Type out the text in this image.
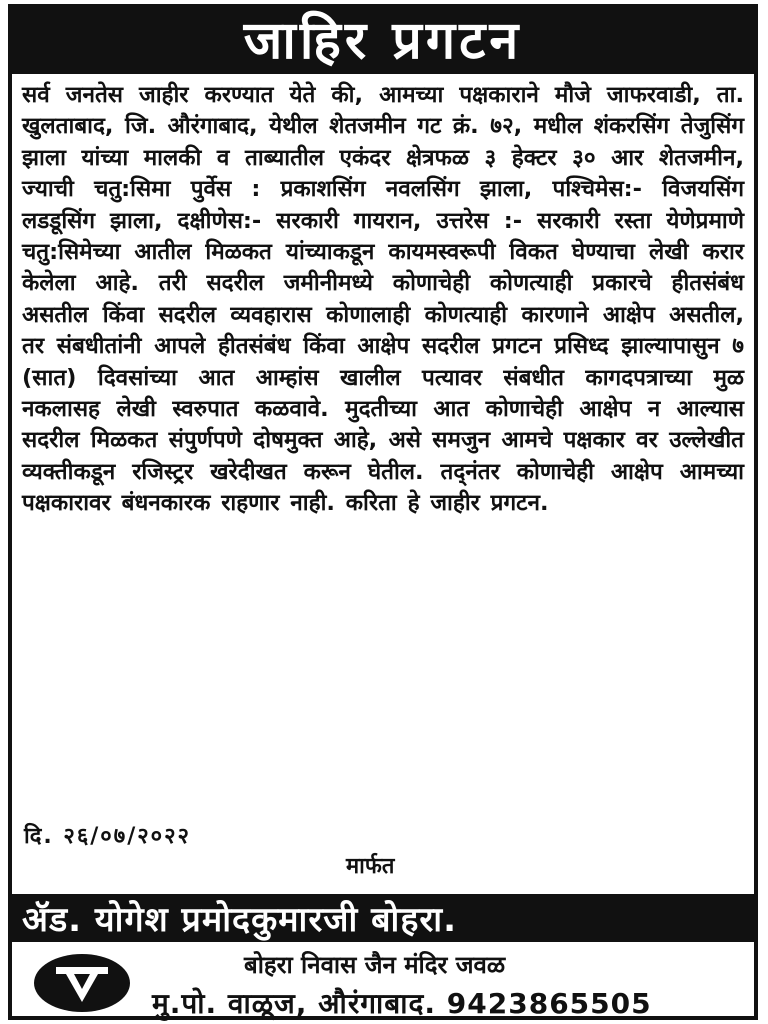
जाहिर प्रगटन

सर्व जनतेस जाहीर करण्यात येते की, आमच्या पक्षकाराने मौजे जाफरवाडी, ता. खुलताबाद, जि. औरंगाबाद, येथील शेतजमीन गट क्रं. ७२, मधील शंकरसिंग तेजुसिंग झाला यांच्या मालकी व ताब्यातील एकंदर क्षेत्रफळ ३ हेक्टर ३० आर शेतजमीन, ज्याची चतु:सिमा पुर्वेस : प्रकाशसिंग नवलसिंग झाला, पश्चिमेस:- विजयसिंग लडडूसिंग झाला, दक्षीणेस:- सरकारी गायरान, उत्तरेस :- सरकारी रस्ता येणेप्रमाणे चतु:सिमेच्या आतील मिळकत यांच्याकडून कायमस्वरूपी विकत घेण्याचा लेखी करार केलेला आहे. तरी सदरील जमीनीमध्ये कोणाचेही कोणत्याही प्रकारचे हीतसंबंध असतील किंवा सदरील व्यवहारास कोणालाही कोणत्याही कारणाने आक्षेप असतील, तर संबधीतांनी आपले हीतसंबंध किंवा आक्षेप सदरील प्रगटन प्रसिध्द झाल्यापासुन ७ (सात) दिवसांच्या आत आम्हांस खालील पत्यावर संबधीत कागदपत्राच्या मुळ नकलासह लेखी स्वरुपात कळवावे. मुदतीच्या आत कोणाचेही आक्षेप न आल्यास सदरील मिळकत संपुर्णपणे दोषमुक्त आहे, असे समजुन आमचे पक्षकार वर उल्लेखीत व्यक्तीकडून रजिस्ट्रर खरेदीखत करून घेतील. तद्नंतर कोणाचेही आक्षेप आमच्या पक्षकारावर बंधनकारक राहणार नाही. करिता हे जाहीर प्रगटन.

दि. २६/०७/२०२२
मार्फत
ॲड. योगेश प्रमोदकुमारजी बोहरा.
बोहरा निवास जैन मंदिर जवळ
मु.पो. वाळूज, औरंगाबाद. 9423865505
